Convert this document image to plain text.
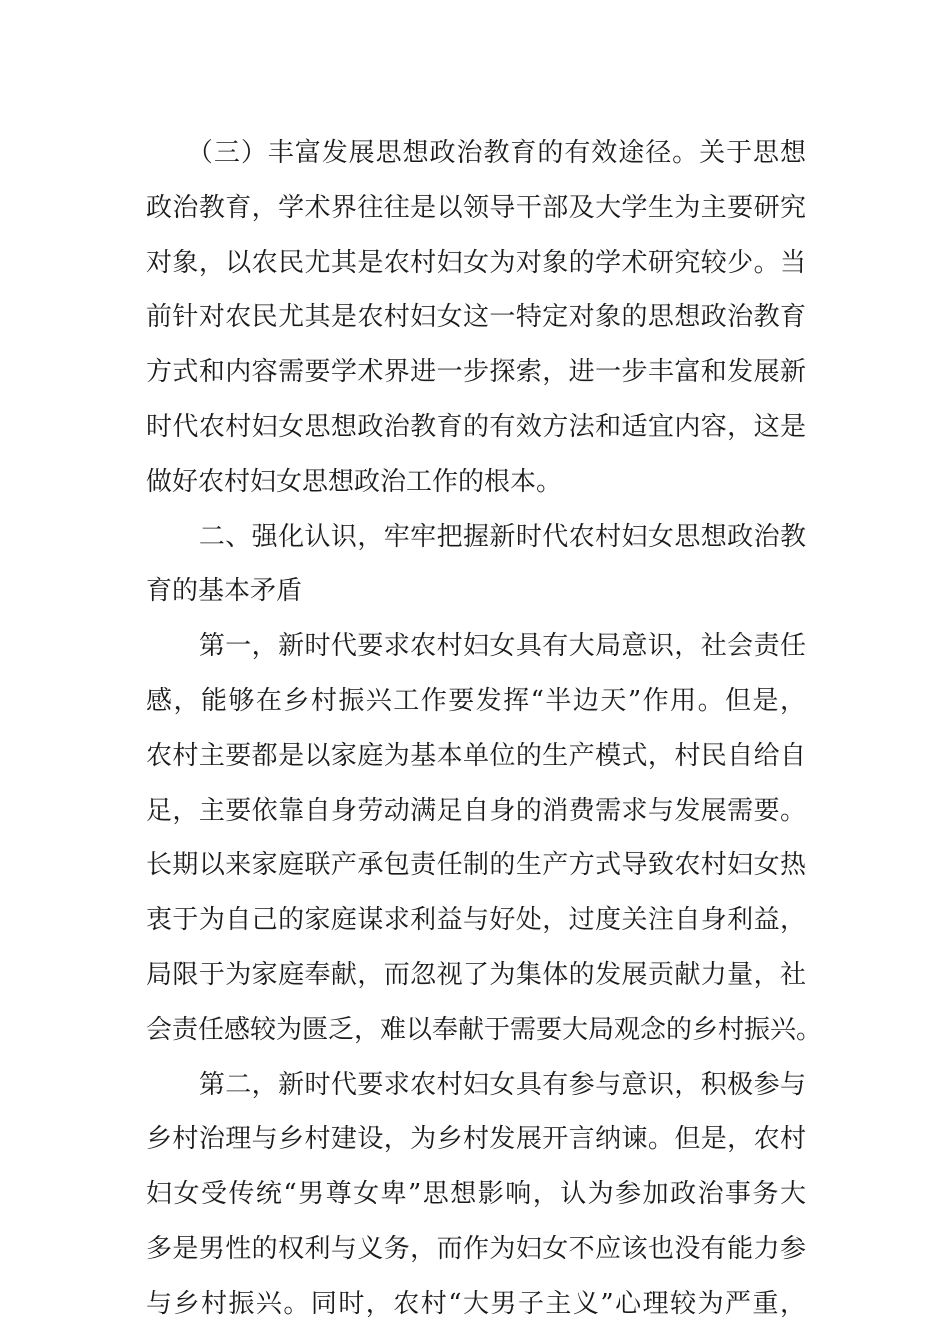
　　（三）丰富发展思想政治教育的有效途径。关于思想
政治教育，学术界往往是以领导干部及大学生为主要研究
对象，以农民尤其是农村妇女为对象的学术研究较少。当
前针对农民尤其是农村妇女这一特定对象的思想政治教育
方式和内容需要学术界进一步探索，进一步丰富和发展新
时代农村妇女思想政治教育的有效方法和适宜内容，这是
做好农村妇女思想政治工作的根本。
　　二、强化认识，牢牢把握新时代农村妇女思想政治教
育的基本矛盾
　　第一，新时代要求农村妇女具有大局意识，社会责任
感，能够在乡村振兴工作要发挥“半边天”作用。但是，
农村主要都是以家庭为基本单位的生产模式，村民自给自
足，主要依靠自身劳动满足自身的消费需求与发展需要。
长期以来家庭联产承包责任制的生产方式导致农村妇女热
衷于为自己的家庭谋求利益与好处，过度关注自身利益，
局限于为家庭奉献，而忽视了为集体的发展贡献力量，社
会责任感较为匮乏，难以奉献于需要大局观念的乡村振兴。
　　第二，新时代要求农村妇女具有参与意识，积极参与
乡村治理与乡村建设，为乡村发展开言纳谏。但是，农村
妇女受传统“男尊女卑”思想影响，认为参加政治事务大
多是男性的权利与义务，而作为妇女不应该也没有能力参
与乡村振兴。同时，农村“大男子主义”心理较为严重，
